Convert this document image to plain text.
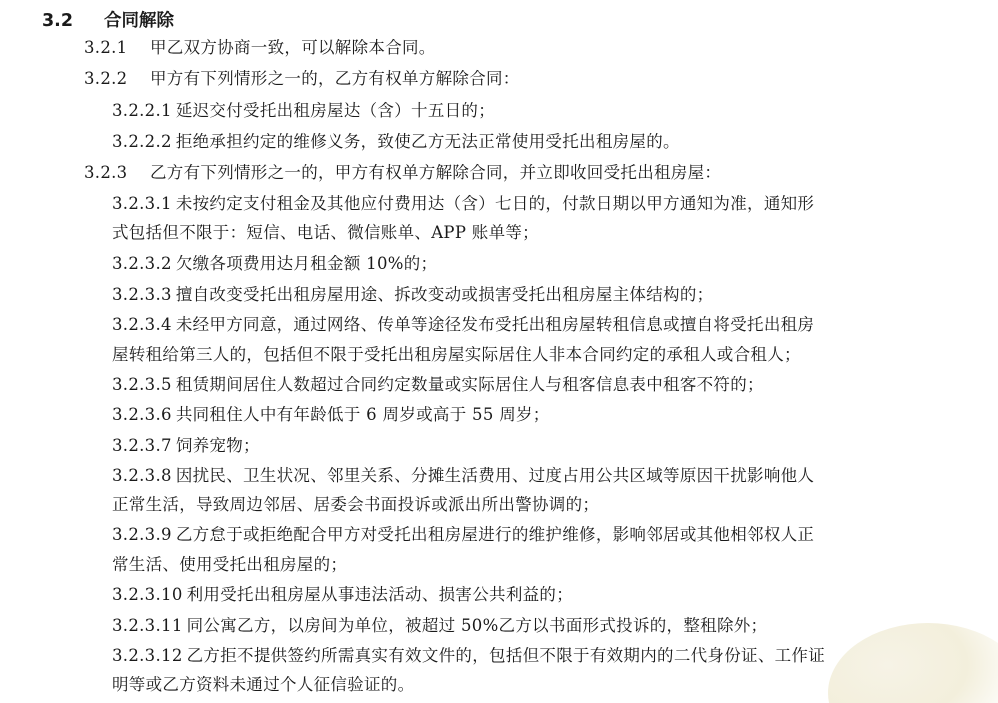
3.2 合同解除
3.2.1 甲乙双方协商一致，可以解除本合同。
3.2.2 甲方有下列情形之一的，乙方有权单方解除合同：
3.2.2.1 延迟交付受托出租房屋达（含）十五日的；
3.2.2.2 拒绝承担约定的维修义务，致使乙方无法正常使用受托出租房屋的。
3.2.3 乙方有下列情形之一的，甲方有权单方解除合同，并立即收回受托出租房屋：
3.2.3.1 未按约定支付租金及其他应付费用达（含）七日的，付款日期以甲方通知为准，通知形
式包括但不限于：短信、电话、微信账单、APP 账单等；
3.2.3.2 欠缴各项费用达月租金额 10%的；
3.2.3.3 擅自改变受托出租房屋用途、拆改变动或损害受托出租房屋主体结构的；
3.2.3.4 未经甲方同意，通过网络、传单等途径发布受托出租房屋转租信息或擅自将受托出租房
屋转租给第三人的，包括但不限于受托出租房屋实际居住人非本合同约定的承租人或合租人；
3.2.3.5 租赁期间居住人数超过合同约定数量或实际居住人与租客信息表中租客不符的；
3.2.3.6 共同租住人中有年龄低于 6 周岁或高于 55 周岁；
3.2.3.7 饲养宠物；
3.2.3.8 因扰民、卫生状况、邻里关系、分摊生活费用、过度占用公共区域等原因干扰影响他人
正常生活，导致周边邻居、居委会书面投诉或派出所出警协调的；
3.2.3.9 乙方怠于或拒绝配合甲方对受托出租房屋进行的维护维修，影响邻居或其他相邻权人正
常生活、使用受托出租房屋的；
3.2.3.10 利用受托出租房屋从事违法活动、损害公共利益的；
3.2.3.11 同公寓乙方，以房间为单位，被超过 50%乙方以书面形式投诉的，整租除外；
3.2.3.12 乙方拒不提供签约所需真实有效文件的，包括但不限于有效期内的二代身份证、工作证
明等或乙方资料未通过个人征信验证的。
